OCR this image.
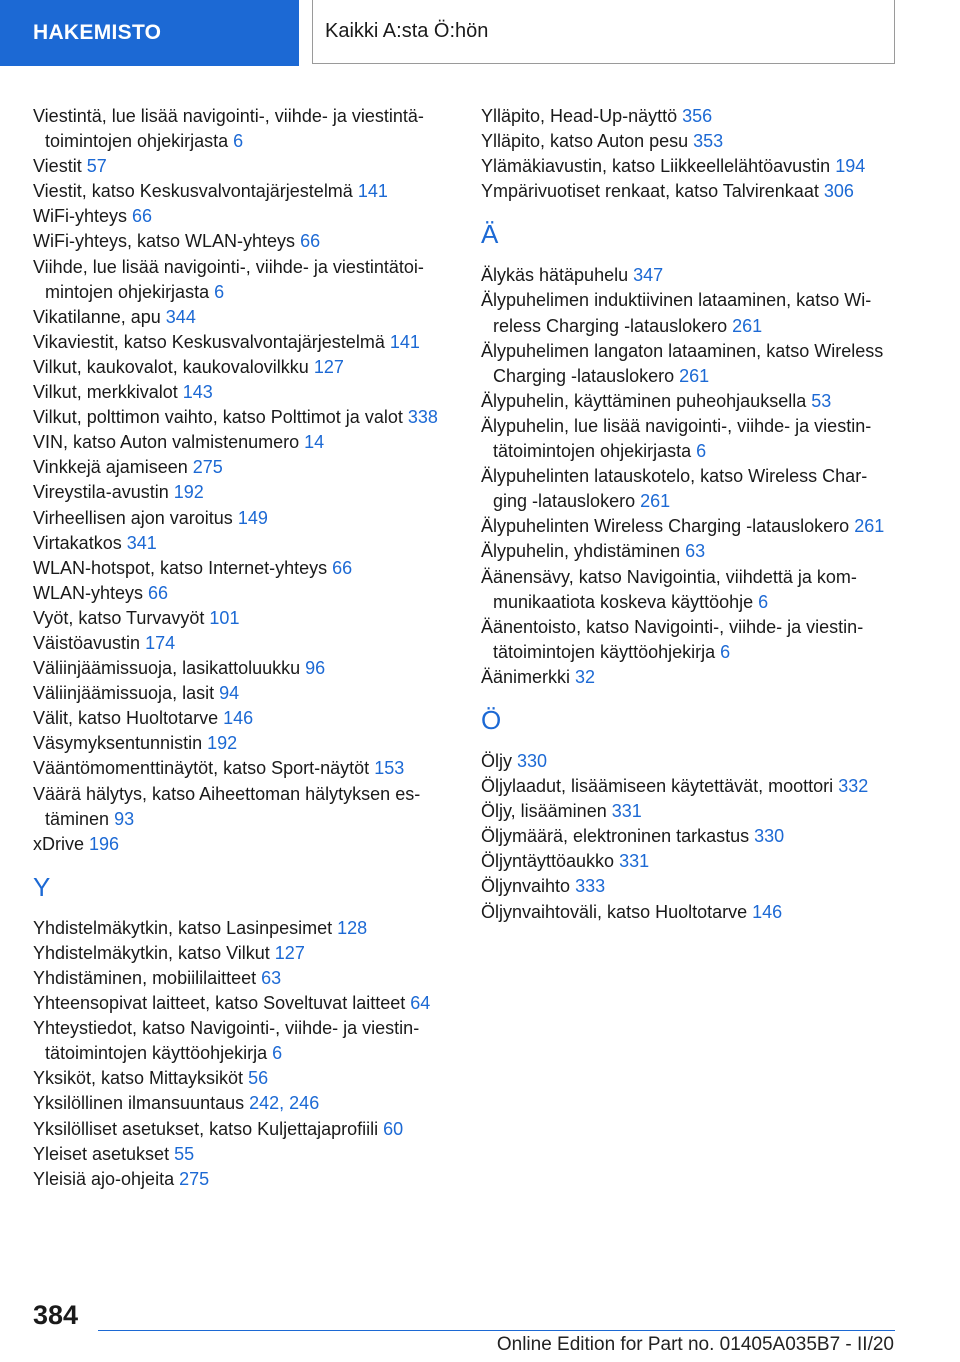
HAKEMISTO	Kaikki A:sta Ö:hön
Viestintä, lue lisää navigointi-, viihde- ja viestintätoimintojen ohjekirjasta 6
Viestit 57
Viestit, katso Keskusvalvontajärjestelmä 141
WiFi-yhteys 66
WiFi-yhteys, katso WLAN-yhteys 66
Viihde, lue lisää navigointi-, viihde- ja viestintätoimintojen ohjekirjasta 6
Vikatilanne, apu 344
Vikaviestit, katso Keskusvalvontajärjestelmä 141
Vilkut, kaukovalot, kaukovalovilkku 127
Vilkut, merkkivalot 143
Vilkut, polttimon vaihto, katso Polttimot ja valot 338
VIN, katso Auton valmistenumero 14
Vinkkejä ajamiseen 275
Vireystila-avustin 192
Virheellisen ajon varoitus 149
Virtakatkos 341
WLAN-hotspot, katso Internet-yhteys 66
WLAN-yhteys 66
Vyöt, katso Turvavyöt 101
Väistöavustin 174
Väliinjäämissuoja, lasikattoluukku 96
Väliinjäämissuoja, lasit 94
Välit, katso Huoltotarve 146
Väsymyksentunnistin 192
Vääntömomenttinäytöt, katso Sport-näytöt 153
Väärä hälytys, katso Aiheettoman hälytyksen estäminen 93
xDrive 196
Y
Yhdistelmäkytkin, katso Lasinpesimet 128
Yhdistelmäkytkin, katso Vilkut 127
Yhdistäminen, mobiililaitteet 63
Yhteensopivat laitteet, katso Soveltuvat laitteet 64
Yhteystiedot, katso Navigointi-, viihde- ja viestintätoimintojen käyttöohjekirja 6
Yksiköt, katso Mittayksiköt 56
Yksilöllinen ilmansuuntaus 242, 246
Yksilölliset asetukset, katso Kuljettajaprofiili 60
Yleiset asetukset 55
Yleisiä ajo-ohjeita 275
Ylläpito, Head-Up-näyttö 356
Ylläpito, katso Auton pesu 353
Ylämäkiavustin, katso Liikkeellelähtöavustin 194
Ympärivuotiset renkaat, katso Talvirenkaat 306
Ä
Älykäs hätäpuhelu 347
Älypuhelimen induktiivinen lataaminen, katso Wireless Charging -latauslokero 261
Älypuhelimen langaton lataaminen, katso Wireless Charging -latauslokero 261
Älypuhelin, käyttäminen puheohjauksella 53
Älypuhelin, lue lisää navigointi-, viihde- ja viestintätoimintojen ohjekirjasta 6
Älypuhelinten latauskotelo, katso Wireless Charging -latauslokero 261
Älypuhelinten Wireless Charging -latauslokero 261
Älypuhelin, yhdistäminen 63
Äänensävy, katso Navigointia, viihdettä ja kommunikaatiota koskeva käyttöohje 6
Äänentoisto, katso Navigointi-, viihde- ja viestintätoimintojen käyttöohjekirja 6
Äänimerkki 32
Ö
Öljy 330
Öljylaadut, lisäämiseen käytettävät, moottori 332
Öljy, lisääminen 331
Öljymäärä, elektroninen tarkastus 330
Öljyntäyttöaukko 331
Öljynvaihto 333
Öljynvaihtoväli, katso Huoltotarve 146
384
Online Edition for Part no. 01405A035B7 - II/20
